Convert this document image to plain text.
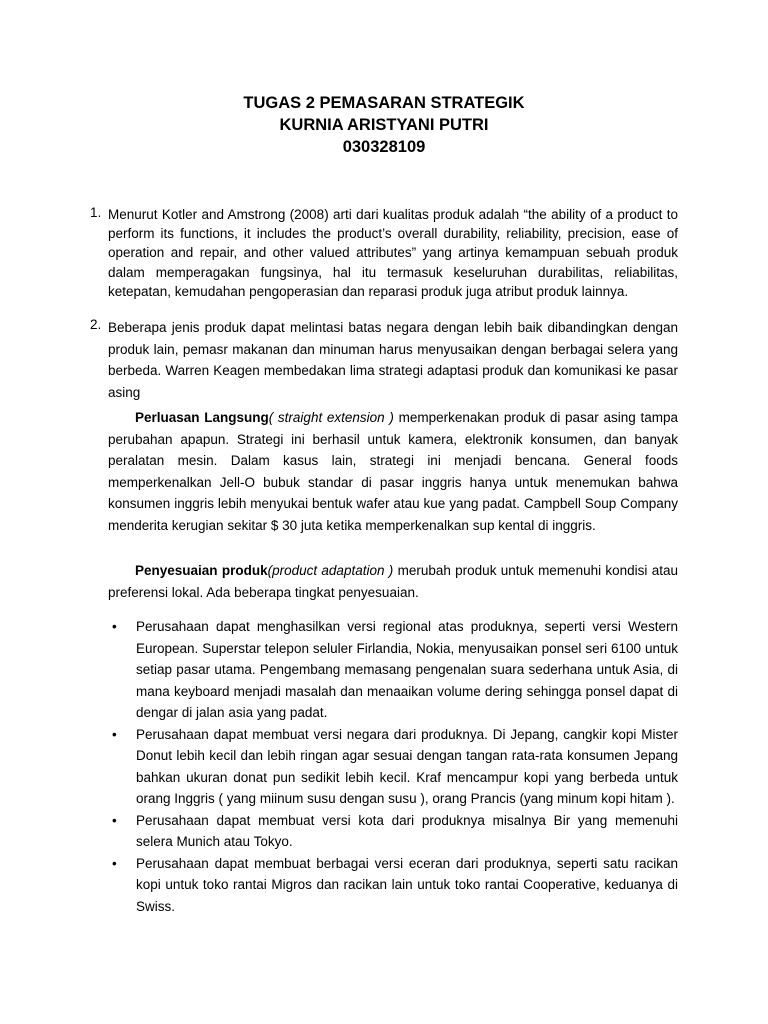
TUGAS 2 PEMASARAN STRATEGIK
KURNIA ARISTYANI PUTRI
030328109
1. Menurut Kotler and Amstrong (2008) arti dari kualitas produk adalah “the ability of a product to perform its functions, it includes the product’s overall durability, reliability, precision, ease of operation and repair, and other valued attributes” yang artinya kemampuan sebuah produk dalam memperagakan fungsinya, hal itu termasuk keseluruhan durabilitas, reliabilitas, ketepatan, kemudahan pengoperasian dan reparasi produk juga atribut produk lainnya.
2. Beberapa jenis produk dapat melintasi batas negara dengan lebih baik dibandingkan dengan produk lain, pemasr makanan dan minuman harus menyusaikan dengan berbagai selera yang berbeda. Warren Keagen membedakan lima strategi adaptasi produk dan komunikasi ke pasar asing
Perluasan Langsung( straight extension ) memperkenakan produk di pasar asing tampa perubahan apapun. Strategi ini berhasil untuk kamera, elektronik konsumen, dan banyak peralatan mesin. Dalam kasus lain, strategi ini menjadi bencana. General foods memperkenalkan Jell-O bubuk standar di pasar inggris hanya untuk menemukan bahwa konsumen inggris lebih menyukai bentuk wafer atau kue yang padat. Campbell Soup Company menderita kerugian sekitar $ 30 juta ketika memperkenalkan sup kental di inggris.
Penyesuaian produk(product adaptation ) merubah produk untuk memenuhi kondisi atau preferensi lokal. Ada beberapa tingkat penyesuaian.
• Perusahaan dapat menghasilkan versi regional atas produknya, seperti versi Western European. Superstar telepon seluler Firlandia, Nokia, menyusaikan ponsel seri 6100 untuk setiap pasar utama. Pengembang memasang pengenalan suara sederhana untuk Asia, di mana keyboard menjadi masalah dan menaaikan volume dering sehingga ponsel dapat di dengar di jalan asia yang padat.
• Perusahaan dapat membuat versi negara dari produknya. Di Jepang, cangkir kopi Mister Donut lebih kecil dan lebih ringan agar sesuai dengan tangan rata-rata konsumen Jepang bahkan ukuran donat pun sedikit lebih kecil. Kraf mencampur kopi yang berbeda untuk orang Inggris ( yang miinum susu dengan susu ), orang Prancis (yang minum kopi hitam ).
• Perusahaan dapat membuat versi kota dari produknya misalnya Bir yang memenuhi selera Munich atau Tokyo.
• Perusahaan dapat membuat berbagai versi eceran dari produknya, seperti satu racikan kopi untuk toko rantai Migros dan racikan lain untuk toko rantai Cooperative, keduanya di Swiss.
